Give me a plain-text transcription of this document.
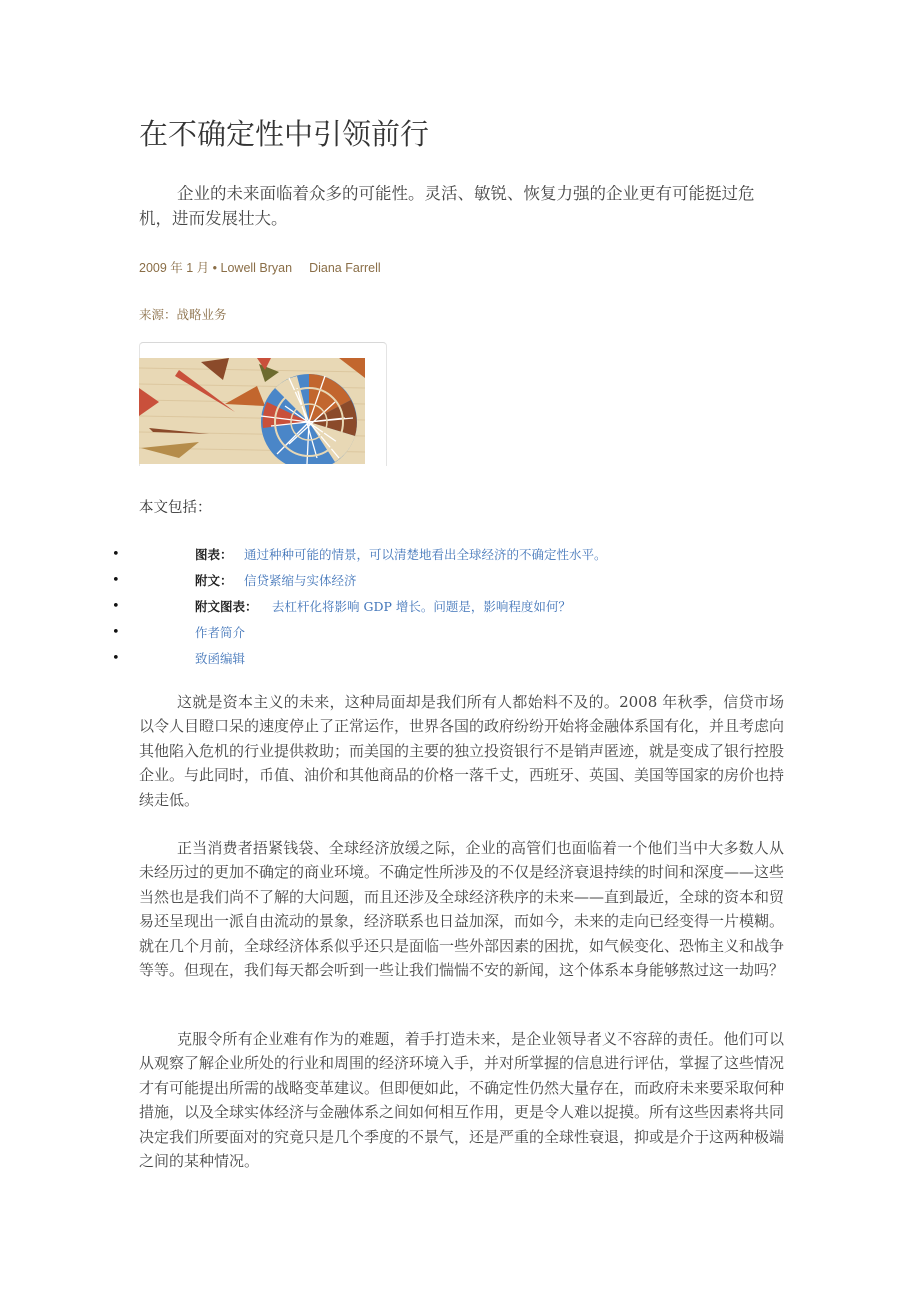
在不确定性中引领前行

企业的未来面临着众多的可能性。灵活、敏锐、恢复力强的企业更有可能挺过危机，进而发展壮大。

2009 年 1 月 • Lowell Bryan Diana Farrell
来源：战略业务
本文包括：
•	图表： 通过种种可能的情景，可以清楚地看出全球经济的不确定性水平。
•	附文： 信贷紧缩与实体经济
•	附文图表： 去杠杆化将影响 GDP 增长。问题是，影响程度如何？
•	作者简介
•	致函编辑

这就是资本主义的未来，这种局面却是我们所有人都始料不及的。2008 年秋季，信贷市场以令人目瞪口呆的速度停止了正常运作，世界各国的政府纷纷开始将金融体系国有化，并且考虑向其他陷入危机的行业提供救助；而美国的主要的独立投资银行不是销声匿迹，就是变成了银行控股企业。与此同时，币值、油价和其他商品的价格一落千丈，西班牙、英国、美国等国家的房价也持续走低。

正当消费者捂紧钱袋、全球经济放缓之际，企业的高管们也面临着一个他们当中大多数人从未经历过的更加不确定的商业环境。不确定性所涉及的不仅是经济衰退持续的时间和深度——这些当然也是我们尚不了解的大问题，而且还涉及全球经济秩序的未来——直到最近，全球的资本和贸易还呈现出一派自由流动的景象，经济联系也日益加深，而如今，未来的走向已经变得一片模糊。就在几个月前，全球经济体系似乎还只是面临一些外部因素的困扰，如气候变化、恐怖主义和战争等等。但现在，我们每天都会听到一些让我们惴惴不安的新闻，这个体系本身能够熬过这一劫吗？

克服令所有企业难有作为的难题，着手打造未来，是企业领导者义不容辞的责任。他们可以从观察了解企业所处的行业和周围的经济环境入手，并对所掌握的信息进行评估，掌握了这些情况才有可能提出所需的战略变革建议。但即便如此，不确定性仍然大量存在，而政府未来要采取何种措施，以及全球实体经济与金融体系之间如何相互作用，更是令人难以捉摸。所有这些因素将共同决定我们所要面对的究竟只是几个季度的不景气，还是严重的全球性衰退，抑或是介于这两种极端之间的某种情况。
